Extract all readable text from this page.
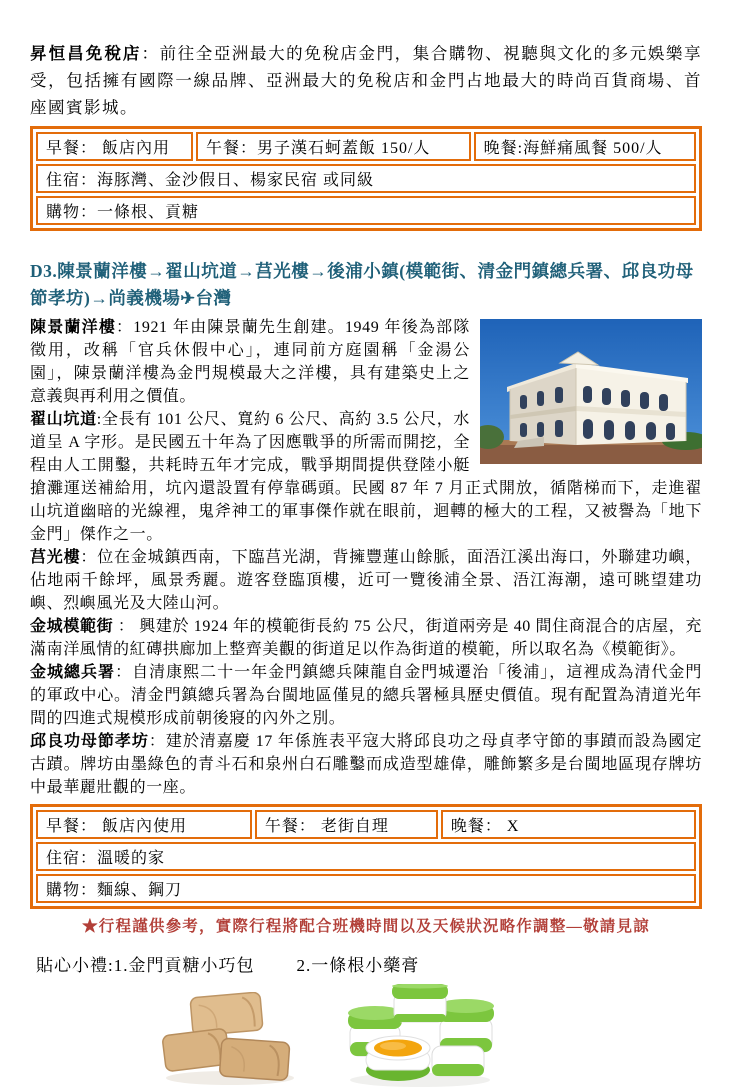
昇恒昌免稅店：前往全亞洲最大的免稅店金門，集合購物、視聽與文化的多元娛樂享受，包括擁有國際一線品牌、亞洲最大的免稅店和金門占地最大的時尚百貨商場、首座國賓影城。

早餐： 飯店內用	午餐：男子漢石蚵蓋飯 150/人	晚餐:海鮮痛風餐 500/人
住宿：海豚灣、金沙假日、楊家民宿 或同級
購物：一條根、貢糖
D3.陳景蘭洋樓→翟山坑道→莒光樓→後浦小鎮(模範街、清金門鎮總兵署、邱良功母節孝坊)→尚義機場✈台灣

陳景蘭洋樓：1921 年由陳景蘭先生創建。1949 年後為部隊徵用，改稱「官兵休假中心」，連同前方庭園稱「金湯公園」，陳景蘭洋樓為金門規模最大之洋樓，具有建築史上之意義與再利用之價值。

翟山坑道:全長有 101 公尺、寬約 6 公尺、高約 3.5 公尺，水道呈 A 字形。是民國五十年為了因應戰爭的所需而開挖，全程由人工開鑿，共耗時五年才完成，戰爭期間提供登陸小艇搶灘運送補給用，坑內還設置有停靠碼頭。民國 87 年 7 月正式開放，循階梯而下，走進翟山坑道幽暗的光線裡，鬼斧神工的軍事傑作就在眼前，迴轉的極大的工程，又被譽為「地下金門」傑作之一。

莒光樓：位在金城鎮西南，下臨莒光湖，背擁豐蓮山餘脈，面浯江溪出海口，外聯建功嶼，佔地兩千餘坪，風景秀麗。遊客登臨頂樓，近可一覽後浦全景、浯江海潮，遠可眺望建功嶼、烈嶼風光及大陸山河。

金城模範街 ： 興建於 1924 年的模範街長約 75 公尺，街道兩旁是 40 間住商混合的店屋，充滿南洋風情的紅磚拱廊加上整齊美觀的街道足以作為街道的模範，所以取名為《模範街》。

金城總兵署：自清康熙二十一年金門鎮總兵陳龍自金門城遷治「後浦」，這裡成為清代金門的軍政中心。清金門鎮總兵署為台閩地區僅見的總兵署極具歷史價值。現有配置為清道光年間的四進式規模形成前朝後寢的內外之別。

邱良功母節孝坊：建於清嘉慶 17 年係旌表平寇大將邱良功之母貞孝守節的事蹟而設為國定古蹟。牌坊由墨綠色的青斗石和泉州白石雕鑿而成造型雄偉，雕飾繁多是台閩地區現存牌坊中最華麗壯觀的一座。

早餐： 飯店內使用	午餐： 老街自理	晚餐： X
住宿：溫暖的家
購物：麵線、鋼刀

★行程謹供參考，實際行程將配合班機時間以及天候狀況略作調整—敬請見諒

貼心小禮:1.金門貢糖小巧包 2.一條根小藥膏
